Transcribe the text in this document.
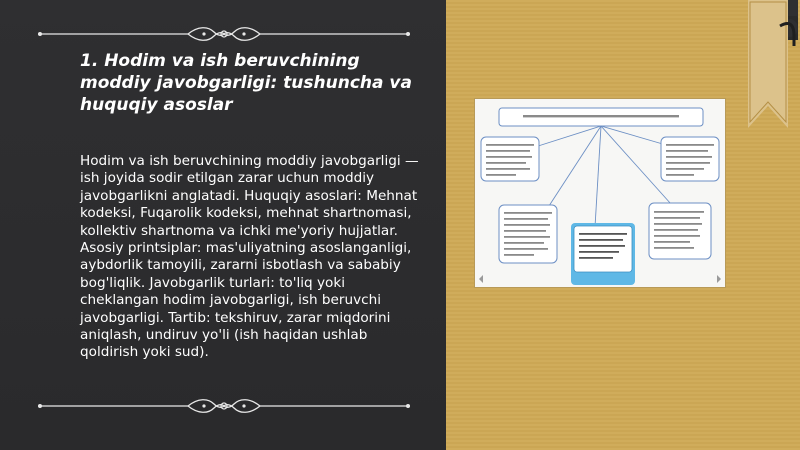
1. Hodim va ish beruvchining moddiy javobgarligi: tushuncha va huquqiy asoslar

Hodim va ish beruvchining moddiy javobgarligi — ish joyida sodir etilgan zarar uchun moddiy javobgarlikni anglatadi. Huquqiy asoslari: Mehnat kodeksi, Fuqarolik kodeksi, mehnat shartnomasi, kollektiv shartnoma va ichki me'yoriy hujjatlar. Asosiy printsiplar: mas'uliyatning asoslanganligi, aybdorlik tamoyili, zararni isbotlash va sababiy bog'liqlik. Javobgarlik turlari: to'liq yoki cheklangan hodim javobgarligi, ish beruvchi javobgarligi. Tartib: tekshiruv, zarar miqdorini aniqlash, undiruv yo'li (ish haqidan ushlab qoldirish yoki sud).
